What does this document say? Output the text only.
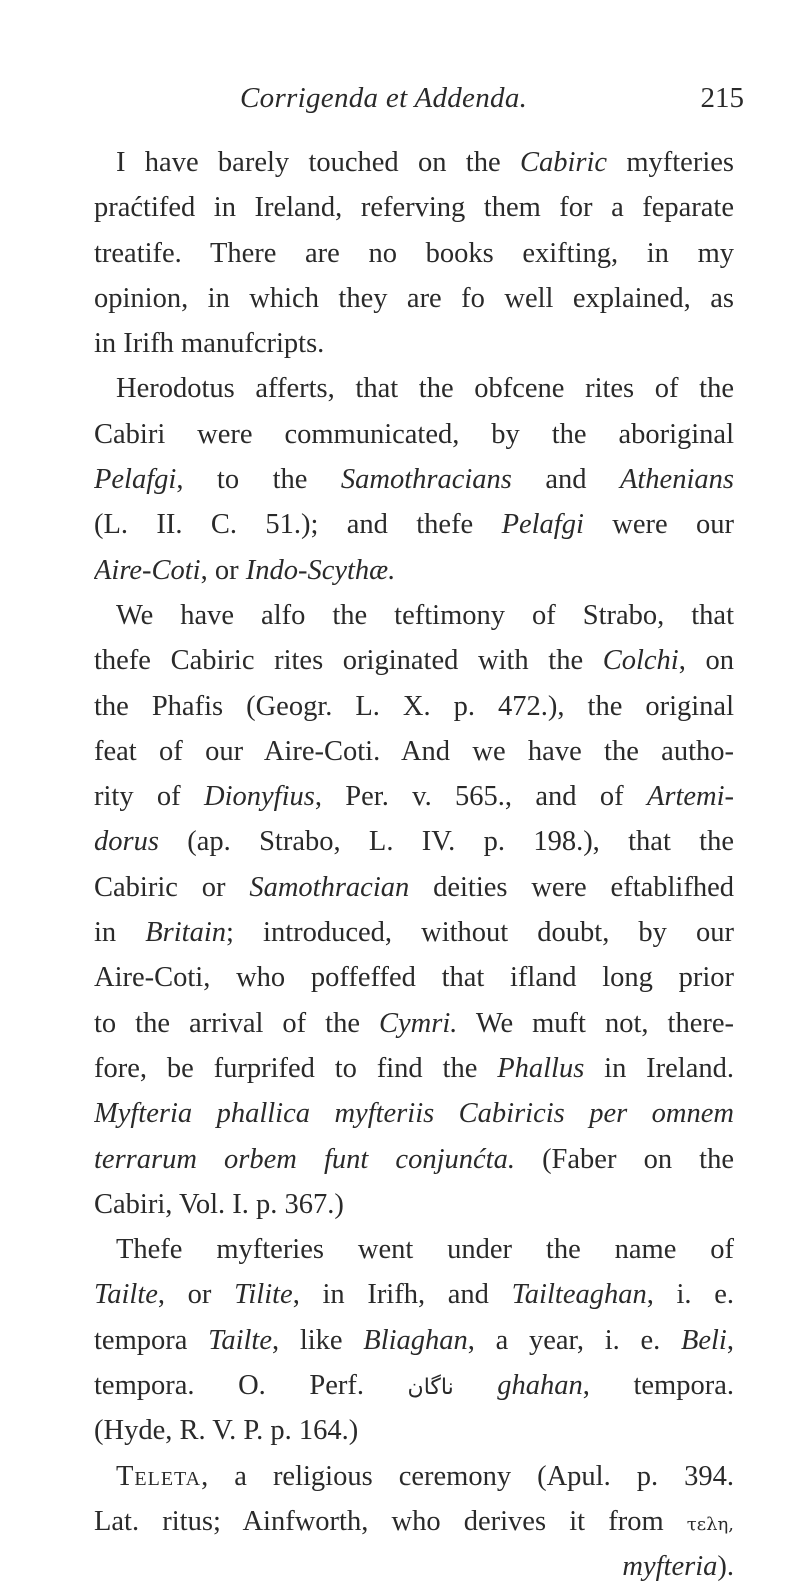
Corrigenda et Addenda.	215
I have barely touched on the Cabiric myfteries
praćtifed in Ireland, referving them for a feparate
treatife. There are no books exifting, in my
opinion, in which they are fo well explained, as
in Irifh manufcripts.
Herodotus afferts, that the obfcene rites of the
Cabiri were communicated, by the aboriginal
Pelafgi, to the Samothracians and Athenians
(L. II. C. 51.); and thefe Pelafgi were our
Aire-Coti, or Indo-Scythæ.
We have alfo the teftimony of Strabo, that
thefe Cabiric rites originated with the Colchi, on
the Phafis (Geogr. L. X. p. 472.), the original
feat of our Aire-Coti. And we have the autho-
rity of Dionyfius, Per. v. 565., and of Artemi-
dorus (ap. Strabo, L. IV. p. 198.), that the
Cabiric or Samothracian deities were eftablifhed
in Britain; introduced, without doubt, by our
Aire-Coti, who poffeffed that ifland long prior
to the arrival of the Cymri. We muft not, there-
fore, be furprifed to find the Phallus in Ireland.
Myfteria phallica myfteriis Cabiricis per omnem
terrarum orbem funt conjunćta. (Faber on the
Cabiri, Vol. I. p. 367.)
Thefe myfteries went under the name of
Tailte, or Tilite, in Irifh, and Tailteaghan, i. e.
tempora Tailte, like Bliaghan, a year, i. e. Beli,
tempora. O. Perf. ناگان ghahan, tempora.
(Hyde, R. V. P. p. 164.)
Teleta, a religious ceremony (Apul. p. 394.
Lat. ritus; Ainfworth, who derives it from τελη,
myfteria).
